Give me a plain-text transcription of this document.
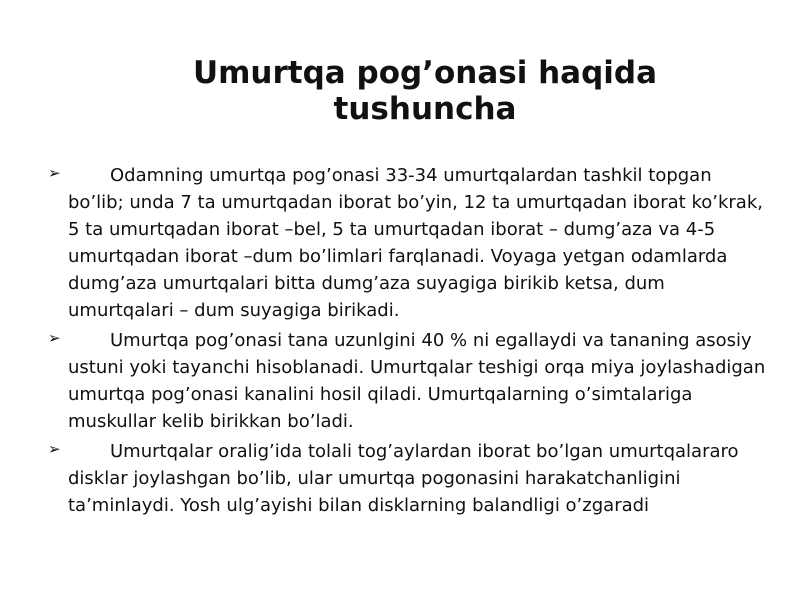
Umurtqa pog’onasi haqida tushuncha
➢	Odamning umurtqa pog’onasi 33-34 umurtqalardan tashkil topgan bo’lib; unda 7 ta umurtqadan iborat bo’yin, 12 ta umurtqadan iborat ko’krak, 5 ta umurtqadan iborat –bel, 5 ta umurtqadan iborat – dumg’aza va 4-5 umurtqadan iborat –dum bo’limlari farqlanadi. Voyaga yetgan odamlarda dumg’aza umurtqalari bitta dumg’aza suyagiga birikib ketsa, dum umurtqalari – dum suyagiga birikadi.
➢	Umurtqa pog’onasi tana uzunlgini 40 % ni egallaydi va tananing asosiy ustuni yoki tayanchi hisoblanadi. Umurtqalar teshigi orqa miya joylashadigan umurtqa pog’onasi kanalini hosil qiladi. Umurtqalarning o’simtalariga muskullar kelib birikkan bo’ladi.
➢	Umurtqalar oralig’ida tolali tog’aylardan iborat bo’lgan umurtqalararo disklar joylashgan bo’lib, ular umurtqa pogonasini harakatchanligini ta’minlaydi. Yosh ulg’ayishi bilan disklarning balandligi o’zgaradi
